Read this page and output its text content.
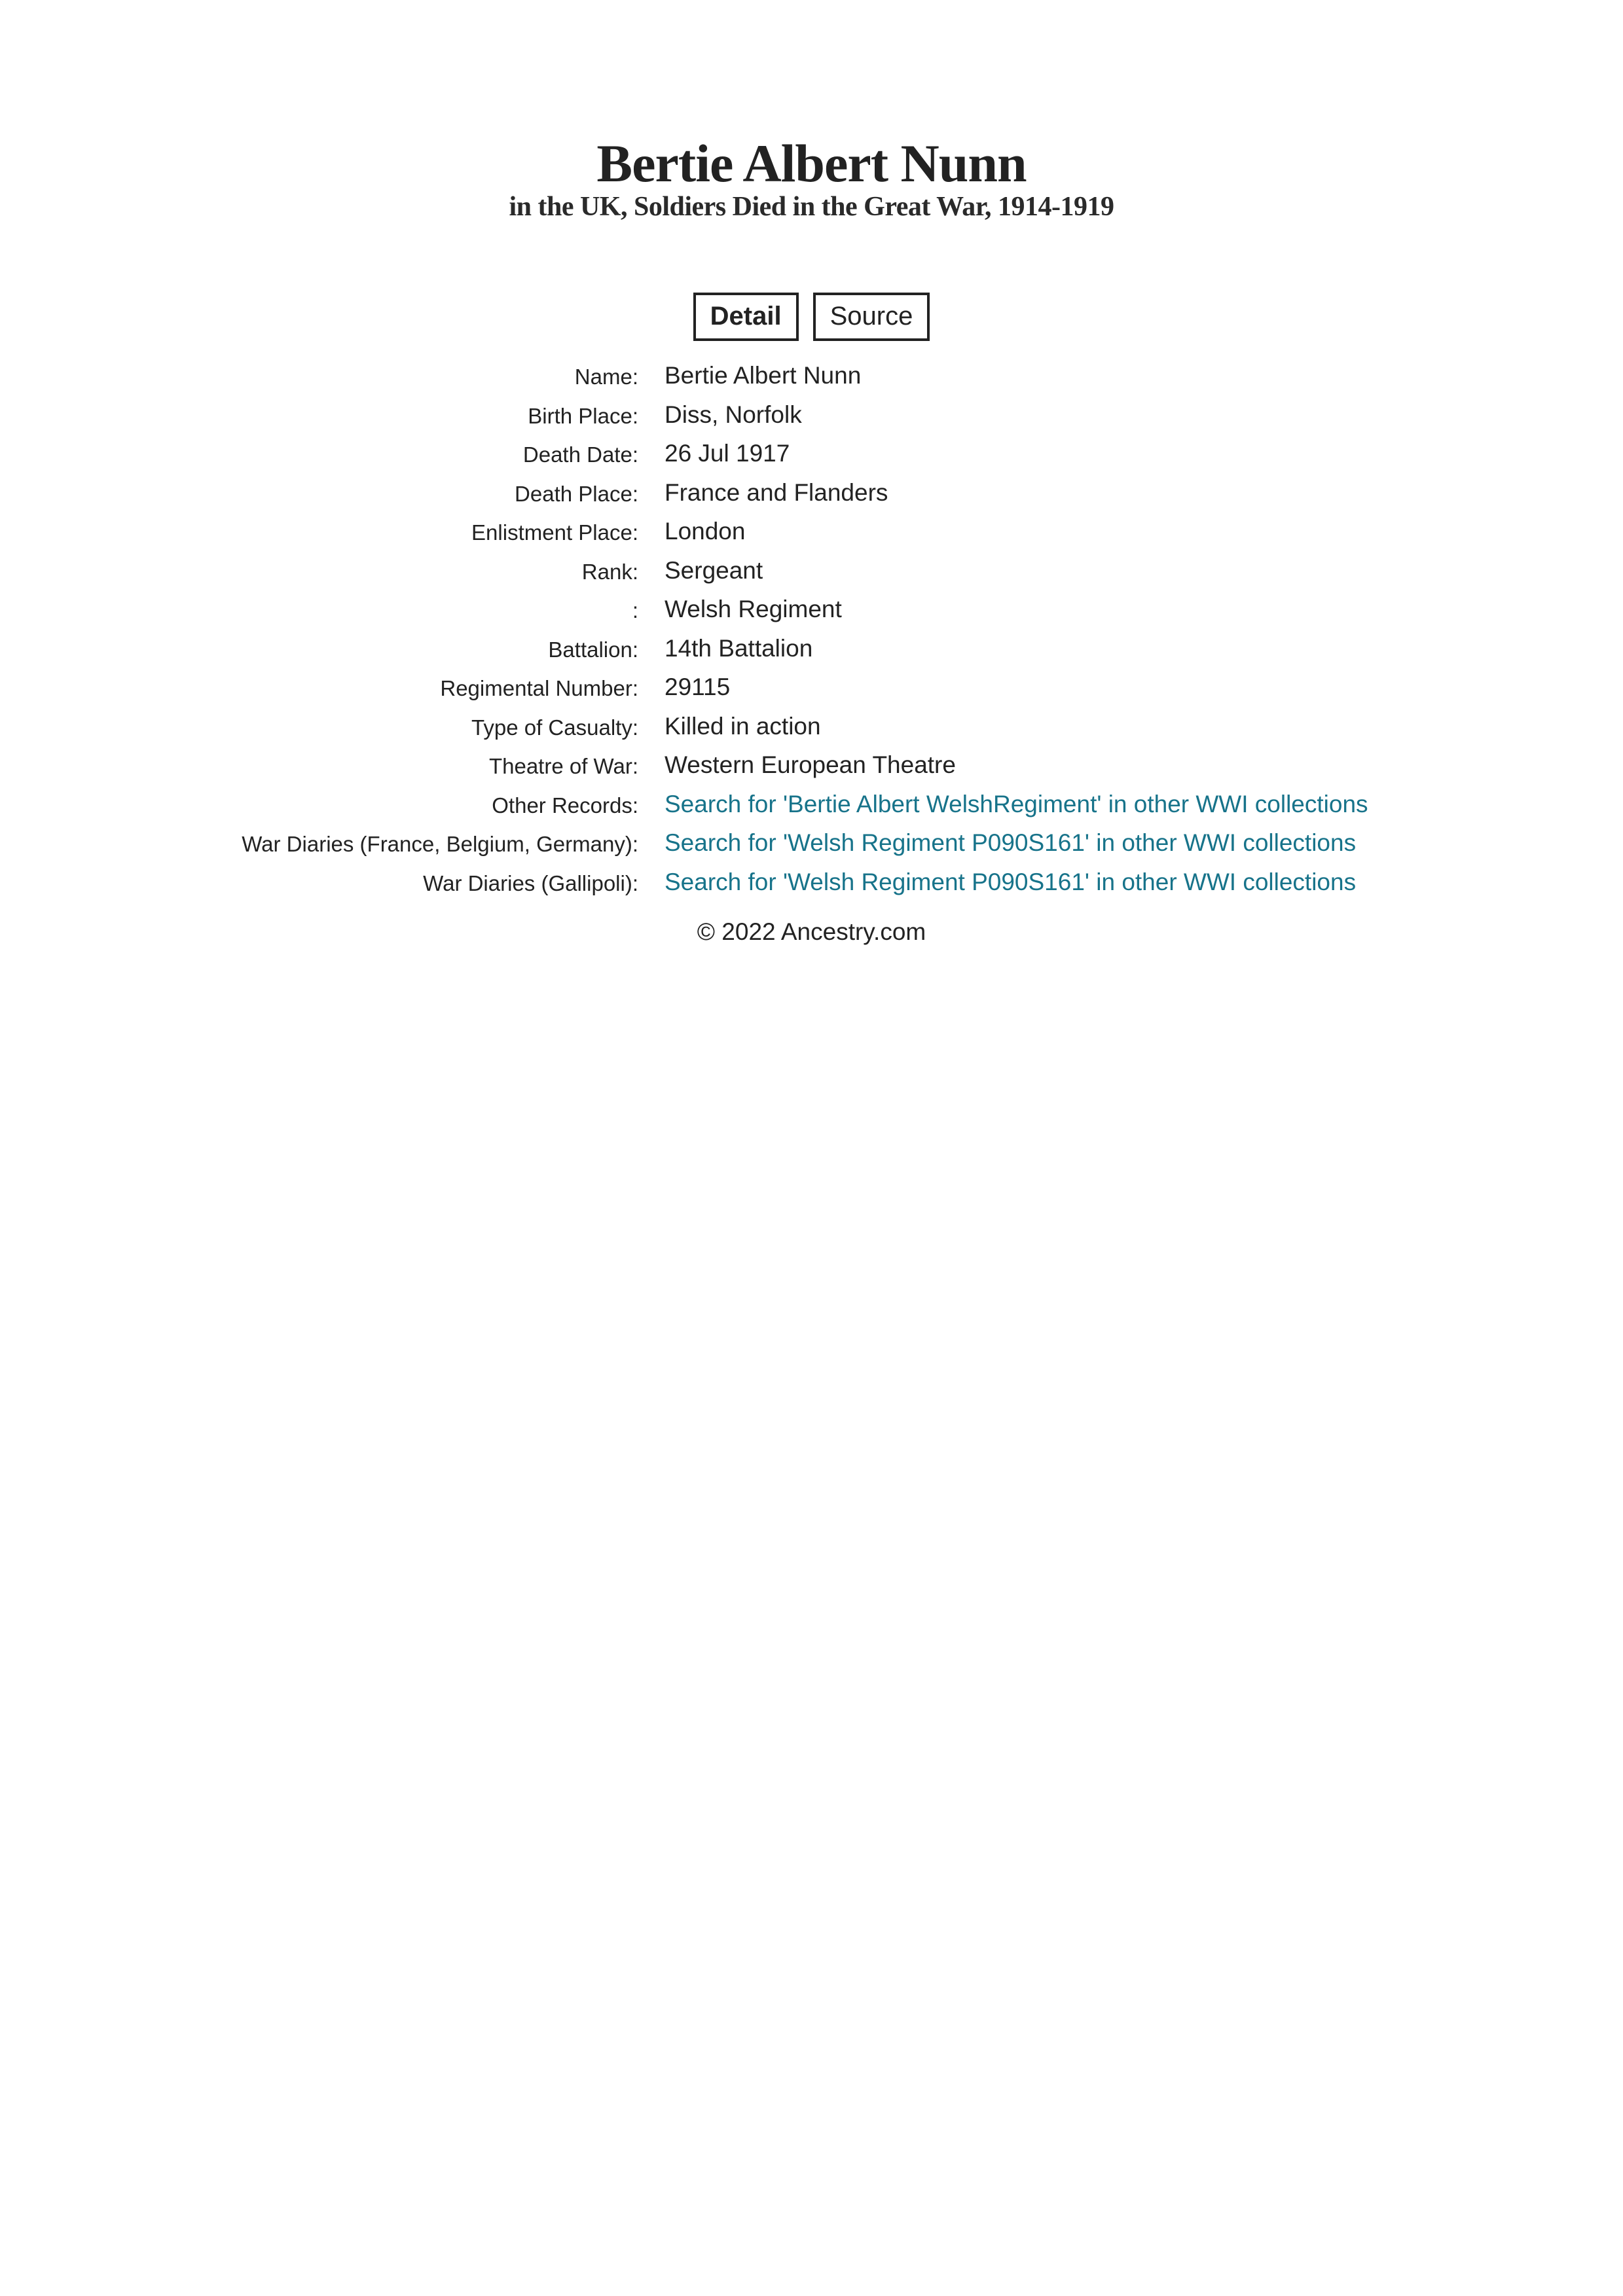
Bertie Albert Nunn
in the UK, Soldiers Died in the Great War, 1914-1919
Detail	Source
Name: Bertie Albert Nunn
Birth Place: Diss, Norfolk
Death Date: 26 Jul 1917
Death Place: France and Flanders
Enlistment Place: London
Rank: Sergeant
: Welsh Regiment
Battalion: 14th Battalion
Regimental Number: 29115
Type of Casualty: Killed in action
Theatre of War: Western European Theatre
Other Records: Search for 'Bertie Albert WelshRegiment' in other WWI collections
War Diaries (France, Belgium, Germany): Search for 'Welsh Regiment P090S161' in other WWI collections
War Diaries (Gallipoli): Search for 'Welsh Regiment P090S161' in other WWI collections
© 2022 Ancestry.com
